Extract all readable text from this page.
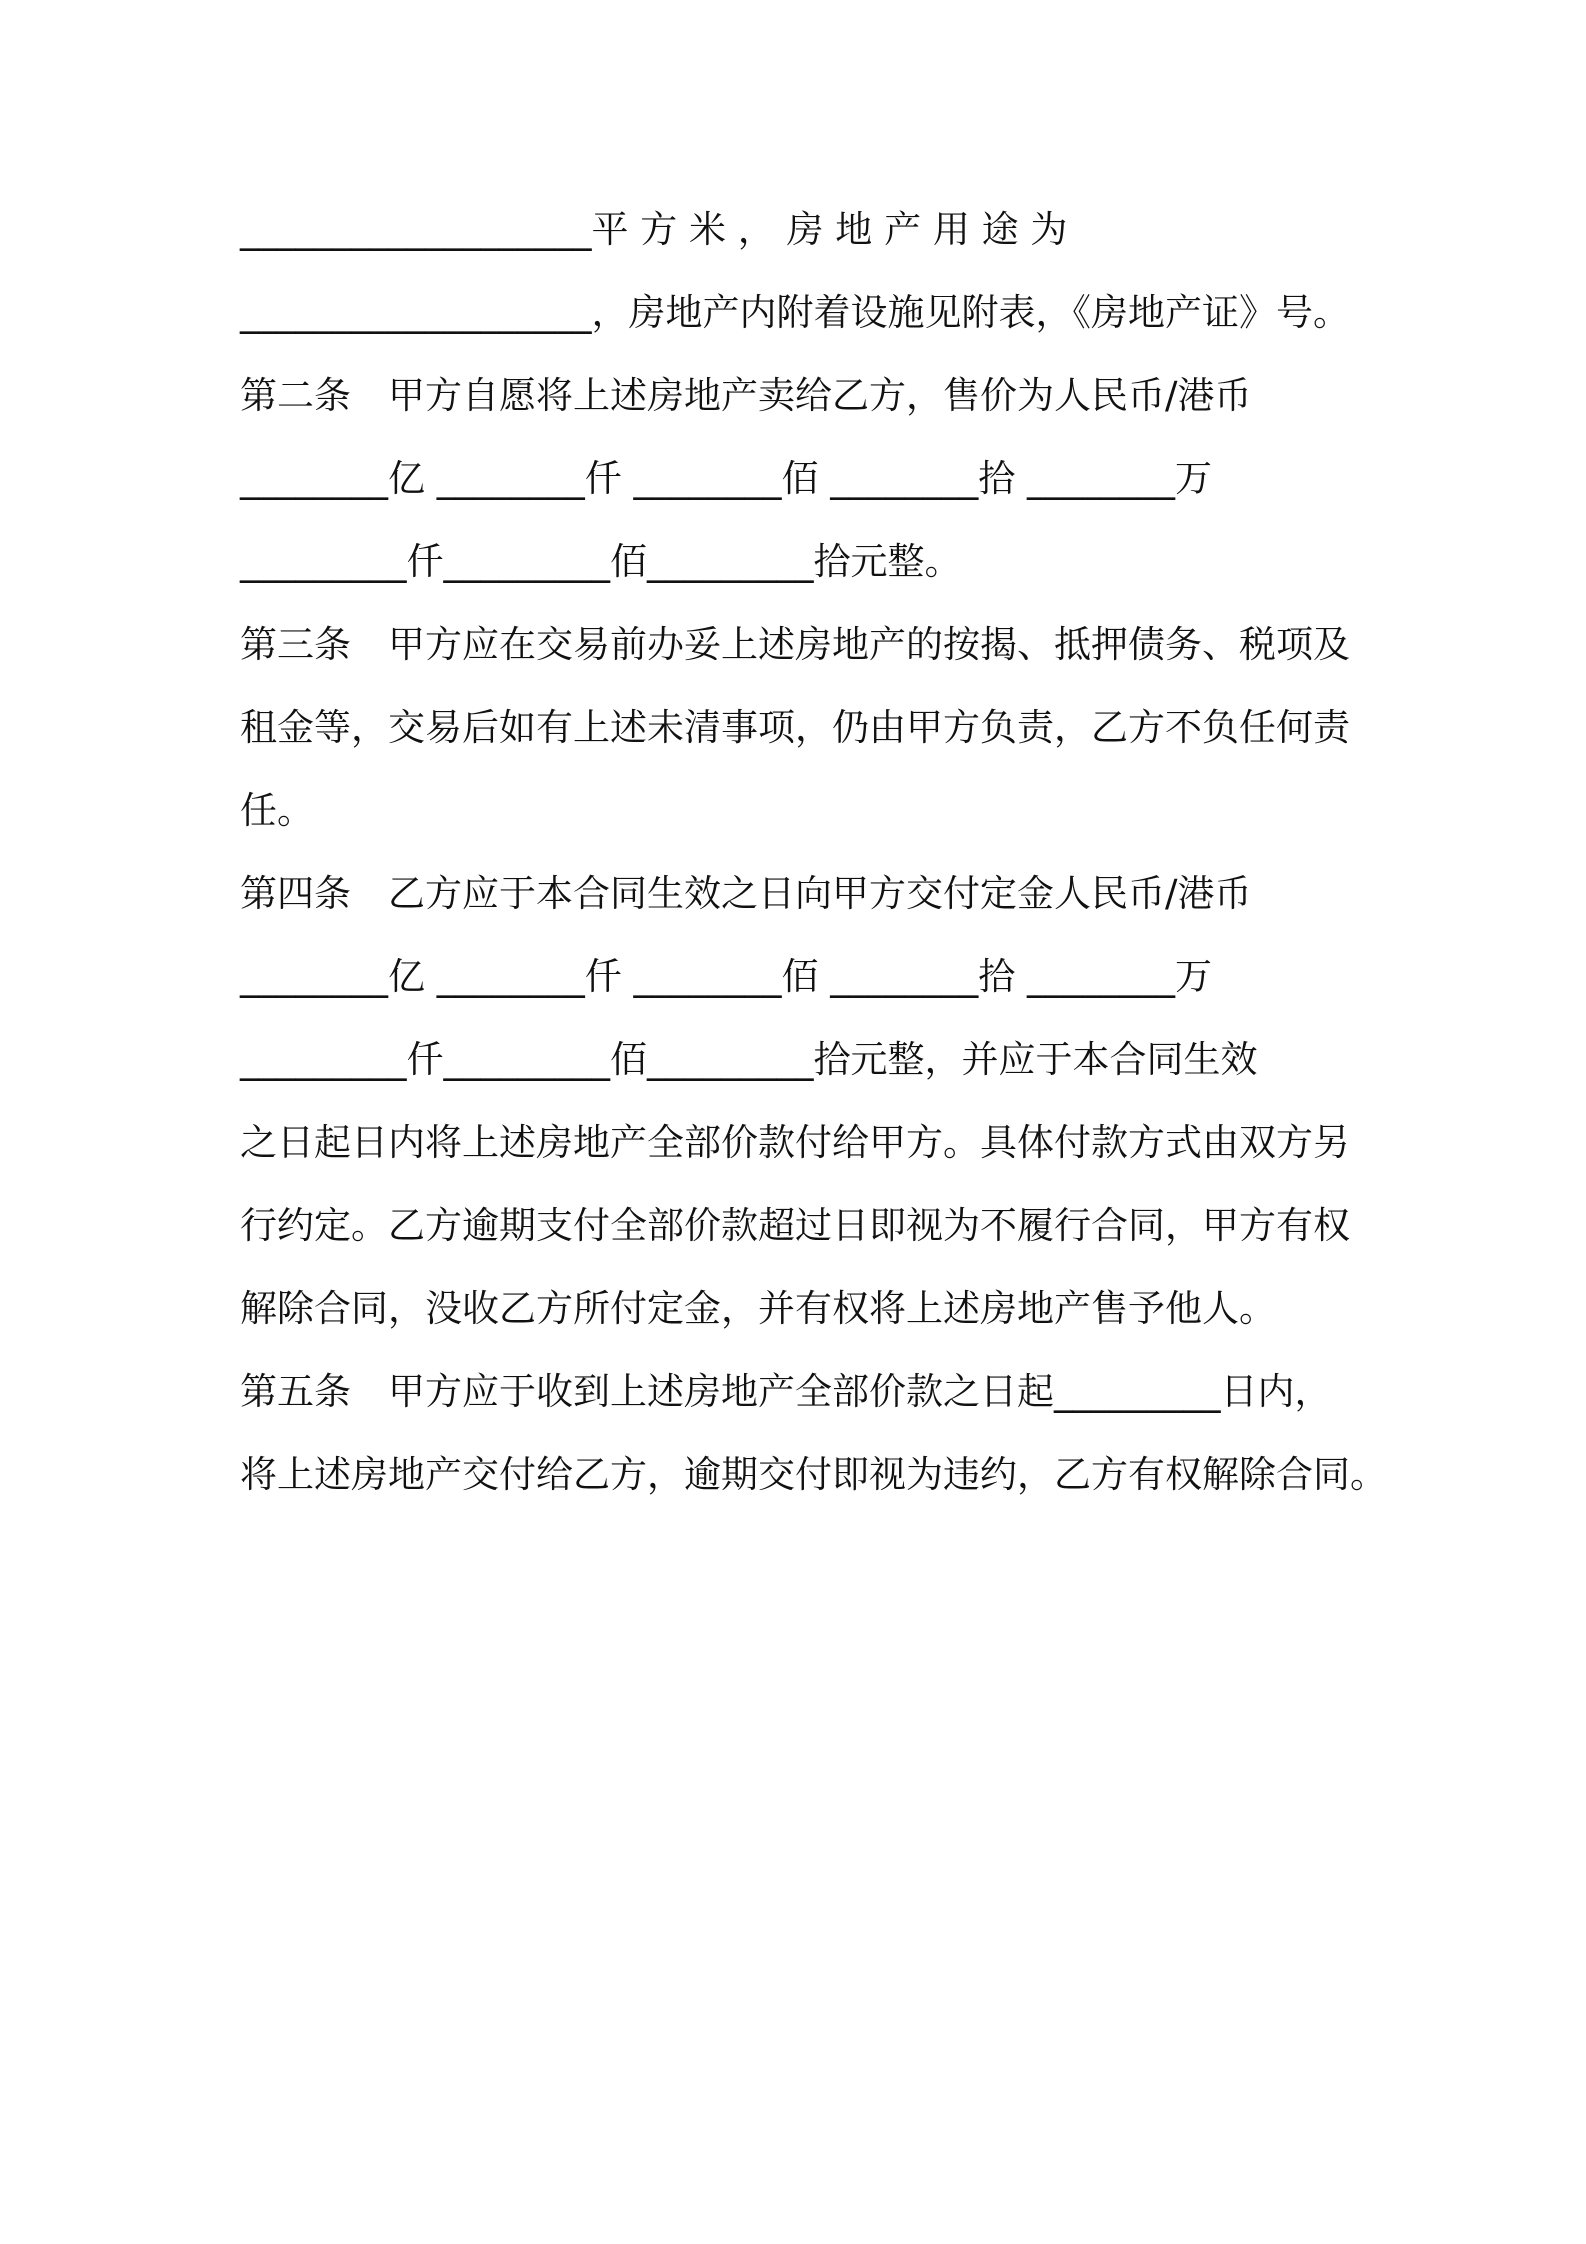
___________________平 方 米 ， 房 地 产 用 途 为
___________________，房地产内附着设施见附表，《房地产证》号。
第二条　甲方自愿将上述房地产卖给乙方，售价为人民币/港币
________亿 ________仟 ________佰 ________拾 ________万
_________仟_________佰_________拾元整。
第三条　甲方应在交易前办妥上述房地产的按揭、抵押债务、税项及
租金等，交易后如有上述未清事项，仍由甲方负责，乙方不负任何责
任。
第四条　乙方应于本合同生效之日向甲方交付定金人民币/港币
________亿 ________仟 ________佰 ________拾 ________万
_________仟_________佰_________拾元整，并应于本合同生效
之日起日内将上述房地产全部价款付给甲方。具体付款方式由双方另
行约定。乙方逾期支付全部价款超过日即视为不履行合同，甲方有权
解除合同，没收乙方所付定金，并有权将上述房地产售予他人。
第五条　甲方应于收到上述房地产全部价款之日起_________日内，
将上述房地产交付给乙方，逾期交付即视为违约，乙方有权解除合同。
